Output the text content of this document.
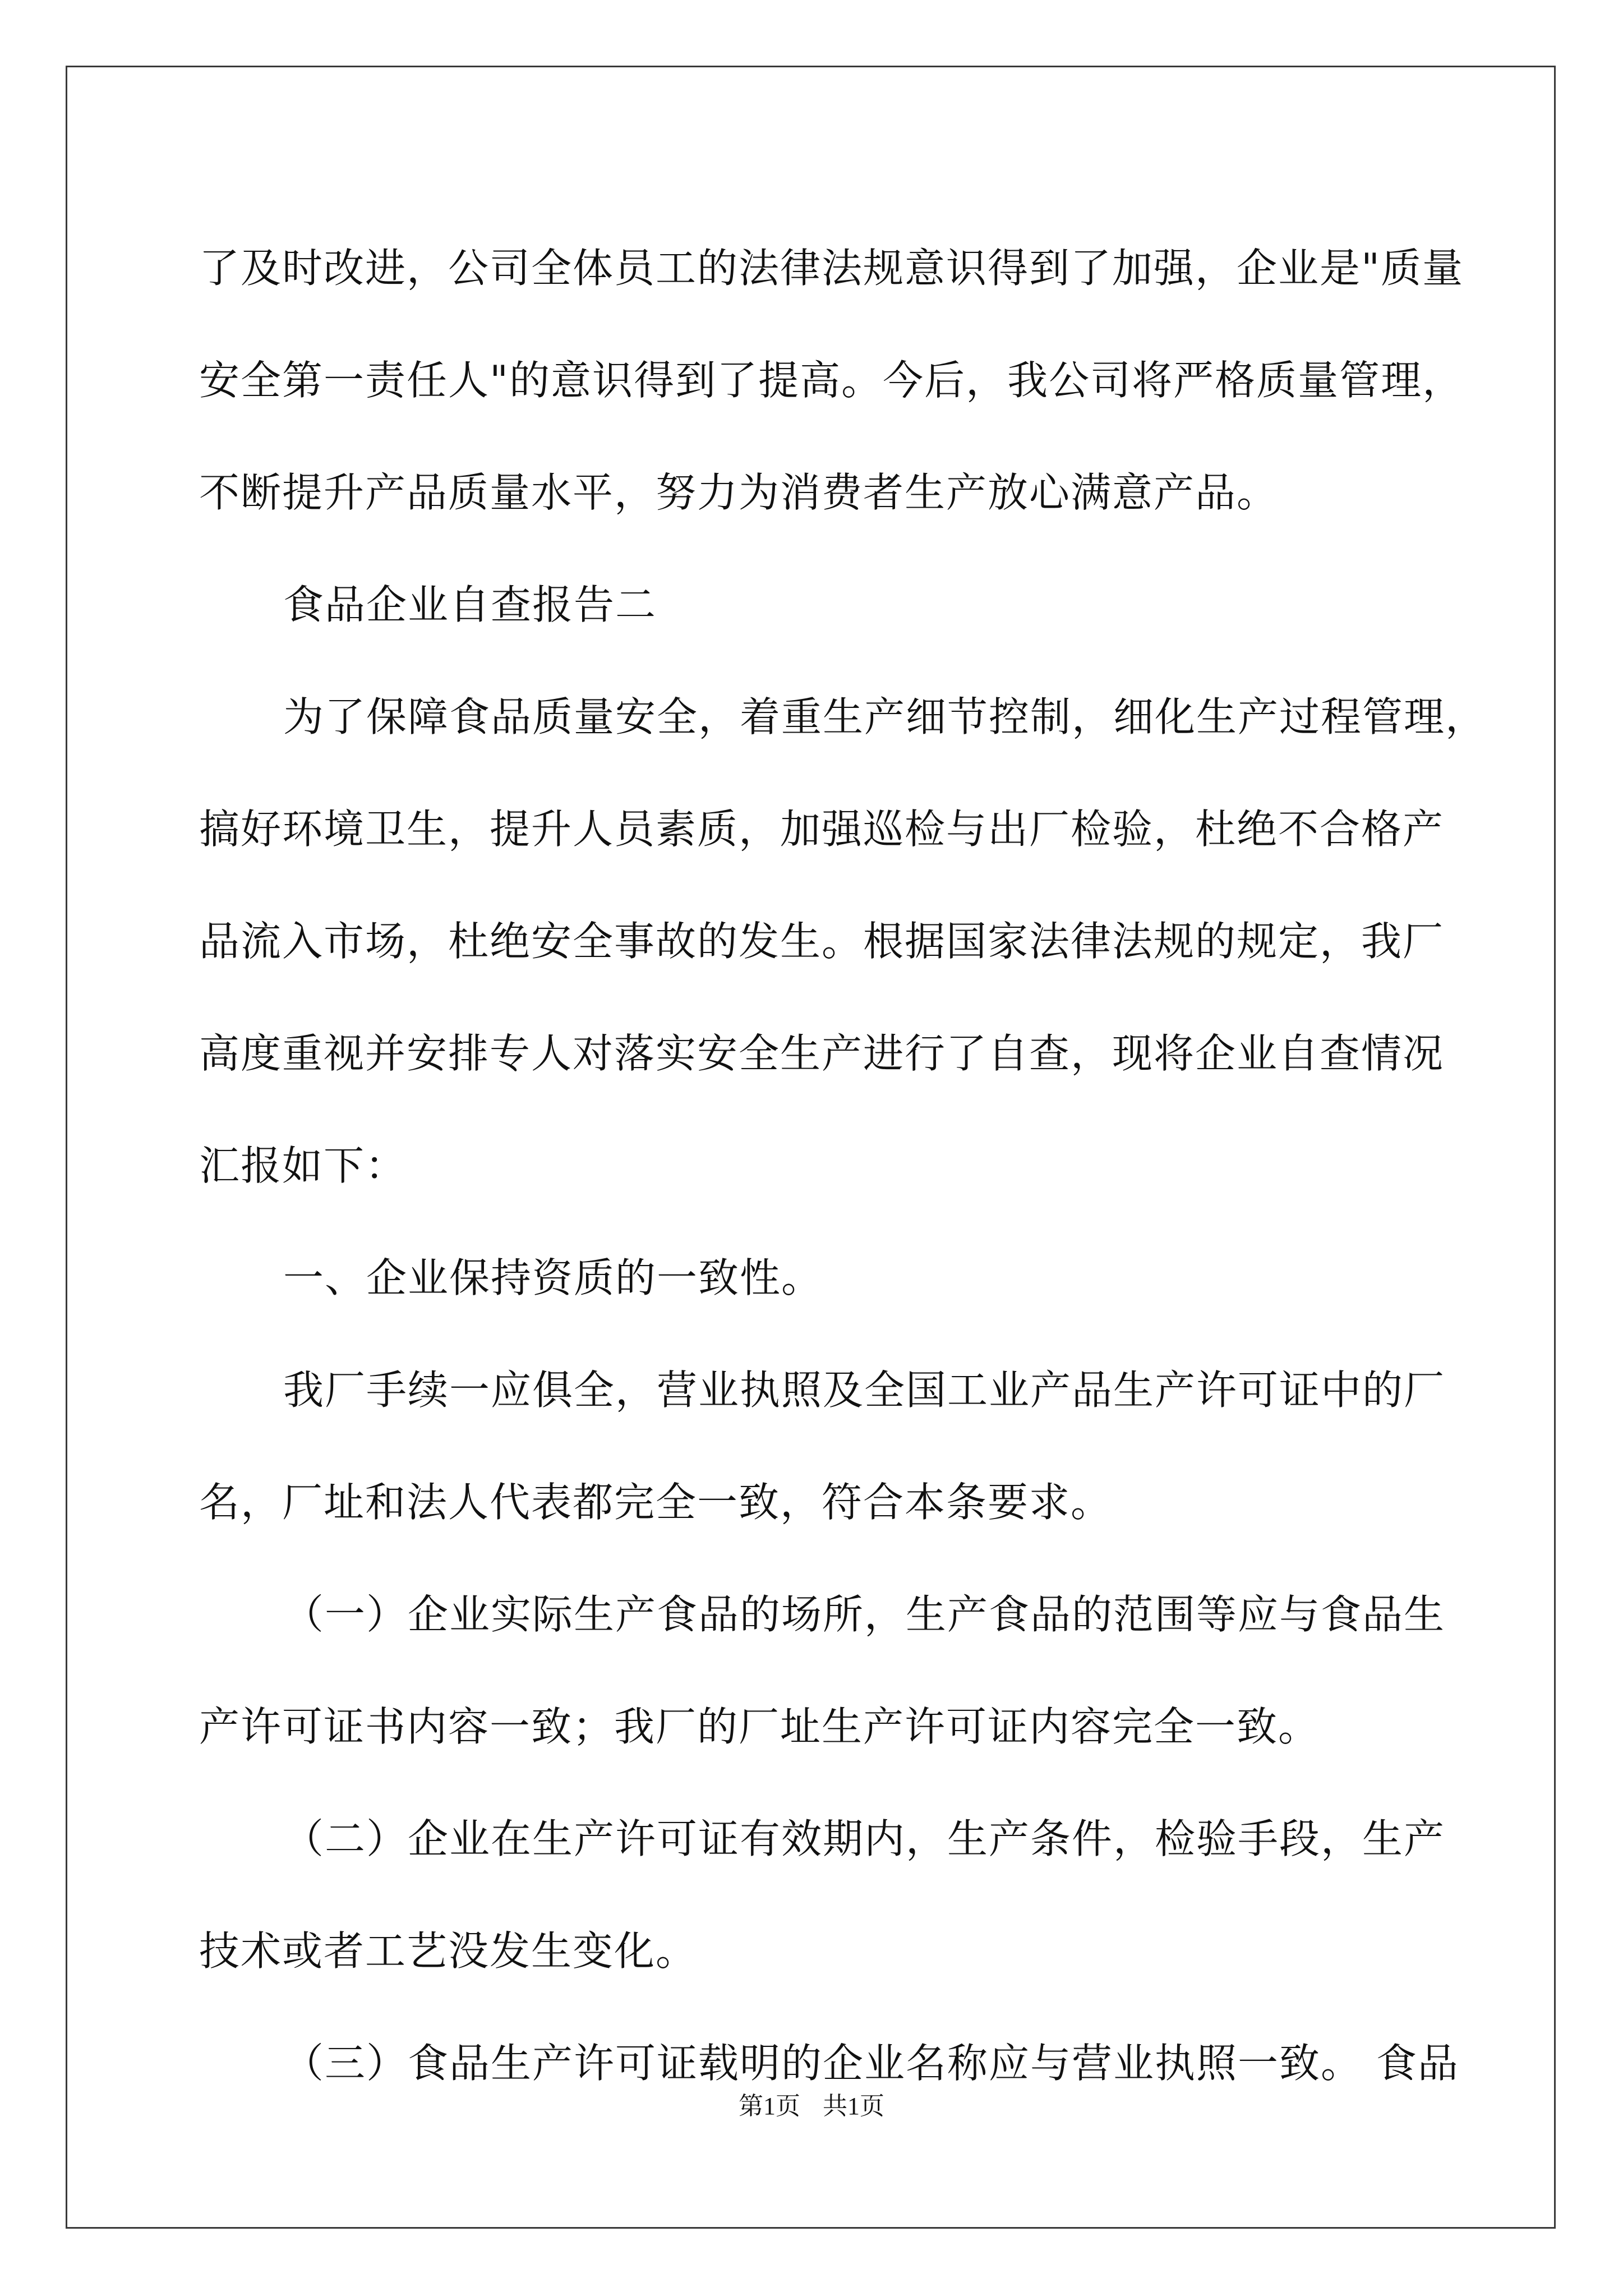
了及时改进，公司全体员工的法律法规意识得到了加强，企业是"质量
安全第一责任人"的意识得到了提高。今后，我公司将严格质量管理，
不断提升产品质量水平，努力为消费者生产放心满意产品。
食品企业自查报告二
为了保障食品质量安全，着重生产细节控制，细化生产过程管理，
搞好环境卫生，提升人员素质，加强巡检与出厂检验，杜绝不合格产
品流入市场，杜绝安全事故的发生。根据国家法律法规的规定，我厂
高度重视并安排专人对落实安全生产进行了自查，现将企业自查情况
汇报如下：
一、企业保持资质的一致性。
我厂手续一应俱全，营业执照及全国工业产品生产许可证中的厂
名，厂址和法人代表都完全一致，符合本条要求。
（一）企业实际生产食品的场所，生产食品的范围等应与食品生
产许可证书内容一致；我厂的厂址生产许可证内容完全一致。
（二）企业在生产许可证有效期内，生产条件，检验手段，生产
技术或者工艺没发生变化。
（三）食品生产许可证载明的企业名称应与营业执照一致。 食品
第1页 共1页
